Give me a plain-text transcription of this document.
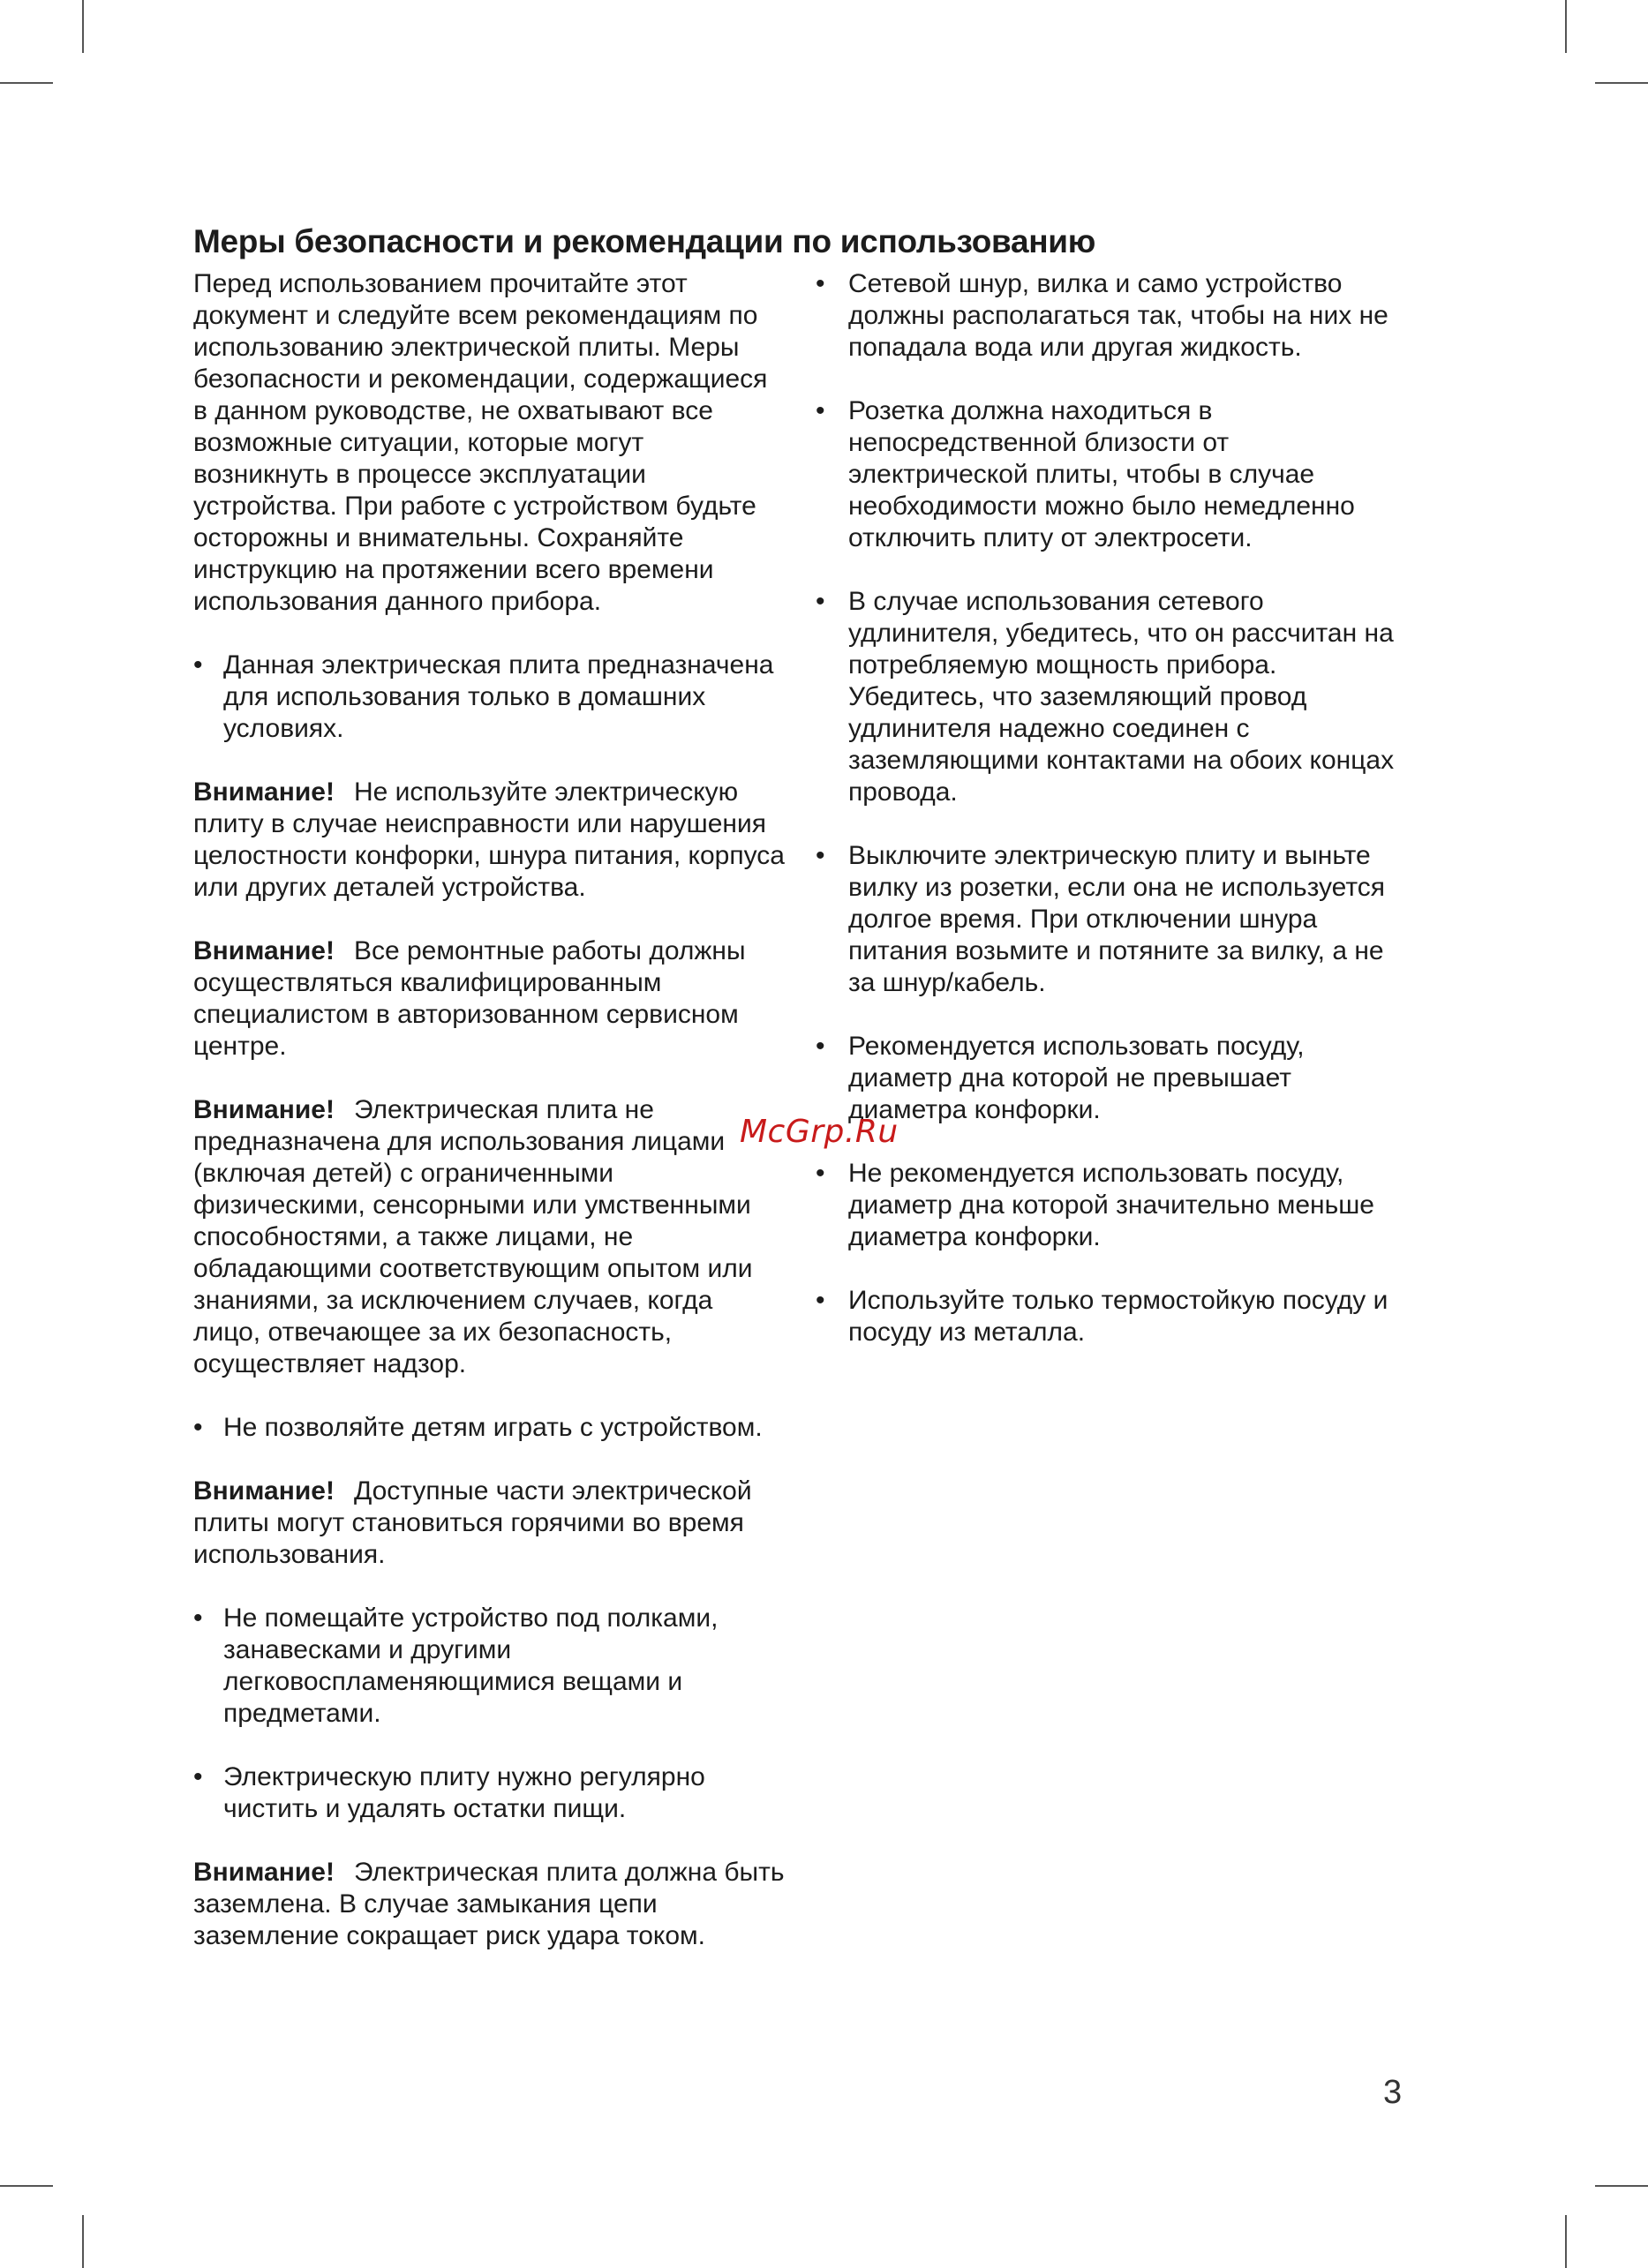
Меры безопасности и рекомендации по использованию

Перед использованием прочитайте этот документ и следуйте всем рекомендациям по использованию электрической плиты. Меры безопасности и рекомендации, содержащиеся в данном руководстве, не охватывают все возможные ситуации, которые могут возникнуть в процессе эксплуатации устройства. При работе с устройством будьте осторожны и внимательны. Сохраняйте инструкцию на протяжении всего времени использования данного прибора.

• Данная электрическая плита предназначена для использования только в домашних условиях.

Внимание! Не используйте электрическую плиту в случае неисправности или нарушения целостности конфорки, шнура питания, корпуса или других деталей устройства.

Внимание! Все ремонтные работы должны осуществляться квалифицированным специалистом в авторизованном сервисном центре.

Внимание! Электрическая плита не предназначена для использования лицами (включая детей) с ограниченными физическими, сенсорными или умственными способностями, а также лицами, не обладающими соответствующим опытом или знаниями, за исключением случаев, когда лицо, отвечающее за их безопасность, осуществляет надзор.

• Не позволяйте детям играть с устройством.

Внимание! Доступные части электрической плиты могут становиться горячими во время использования.

• Не помещайте устройство под полками, занавесками и другими легковоспламеняющимися вещами и предметами.
• Электрическую плиту нужно регулярно чистить и удалять остатки пищи.

Внимание! Электрическая плита должна быть заземлена. В случае замыкания цепи заземление сокращает риск удара током.

• Сетевой шнур, вилка и само устройство должны располагаться так, чтобы на них не попадала вода или другая жидкость.
• Розетка должна находиться в непосредственной близости от электрической плиты, чтобы в случае необходимости можно было немедленно отключить плиту от электросети.
• В случае использования сетевого удлинителя, убедитесь, что он рассчитан на потребляемую мощность прибора. Убедитесь, что заземляющий провод удлинителя надежно соединен с заземляющими контактами на обоих концах провода.
• Выключите электрическую плиту и выньте вилку из розетки, если она не используется долгое время. При отключении шнура питания возьмите и потяните за вилку, а не за шнур/кабель.
• Рекомендуется использовать посуду, диаметр дна которой не превышает диаметра конфорки.
• Не рекомендуется использовать посуду, диаметр дна которой значительно меньше диаметра конфорки.
• Используйте только термостойкую посуду и посуду из металла.
McGrp.Ru
3
